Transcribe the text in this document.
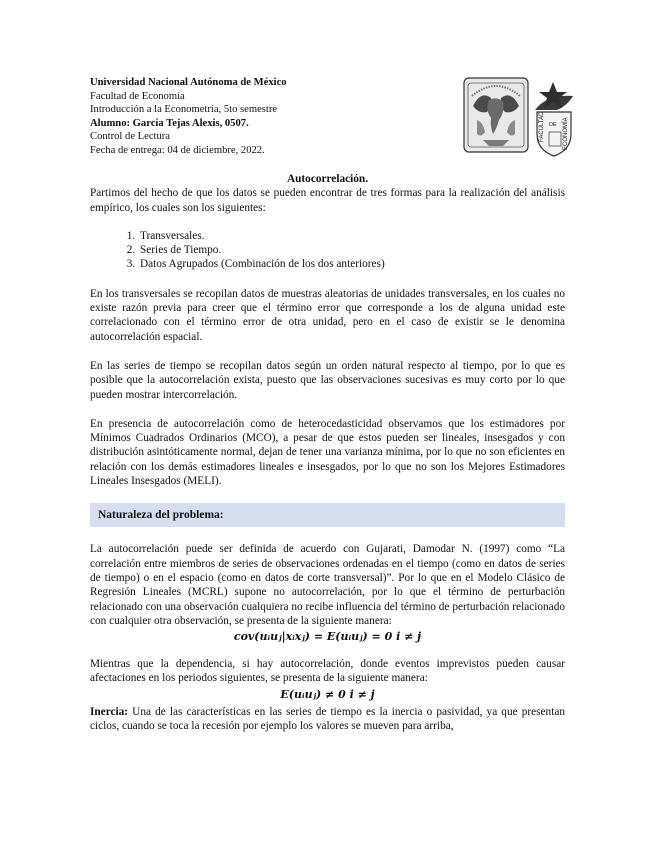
Universidad Nacional Autónoma de México
Facultad de Economía
Introducción a la Econometría, 5to semestre
Alumno: García Tejas Alexis, 0507.
Control de Lectura
Fecha de entrega: 04 de diciembre, 2022.
FACULTAD DE ECONOMÍA

Autocorrelación.

Partimos del hecho de que los datos se pueden encontrar de tres formas para la realización del análisis empírico, los cuales son los siguientes:

1. Transversales.
2. Series de Tiempo.
3. Datos Agrupados (Combinación de los dos anteriores)

En los transversales se recopilan datos de muestras aleatorias de unidades transversales, en los cuales no existe razón previa para creer que el término error que corresponde a los de alguna unidad este correlacionado con el término error de otra unidad, pero en el caso de existir se le denomina autocorrelación espacial.

En las series de tiempo se recopilan datos según un orden natural respecto al tiempo, por lo que es posible que la autocorrelación exista, puesto que las observaciones sucesivas es muy corto por lo que pueden mostrar intercorrelación.

En presencia de autocorrelación como de heterocedasticidad observamos que los estimadores por Mínimos Cuadrados Ordinarios (MCO), a pesar de que estos pueden ser lineales, insesgados y con distribución asintóticamente normal, dejan de tener una varianza mínima, por lo que no son eficientes en relación con los demás estimadores lineales e insesgados, por lo que no son los Mejores Estimadores Lineales Insesgados (MELI).

Naturaleza del problema:

La autocorrelación puede ser definida de acuerdo con Gujarati, Damodar N. (1997) como “La correlación entre miembros de series de observaciones ordenadas en el tiempo (como en datos de series de tiempo) o en el espacio (como en datos de corte transversal)”. Por lo que en el Modelo Clásico de Regresión Lineales (MCRL) supone no autocorrelación, por lo que el término de perturbación relacionado con una observación cualquiera no recibe influencia del término de perturbación relacionado con cualquier otra observación, se presenta de la siguiente manera:

cov(uᵢuⱼ|xᵢxⱼ) = E(uᵢuⱼ) = 0 i ≠ j

Mientras que la dependencia, si hay autocorrelación, donde eventos imprevistos pueden causar afectaciones en los periodos siguientes, se presenta de la siguiente manera:

E(uᵢuⱼ) ≠ 0 i ≠ j

Inercia: Una de las características en las series de tiempo es la inercia o pasividad, ya que presentan ciclos, cuando se toca la recesión por ejemplo los valores se mueven para arriba,
